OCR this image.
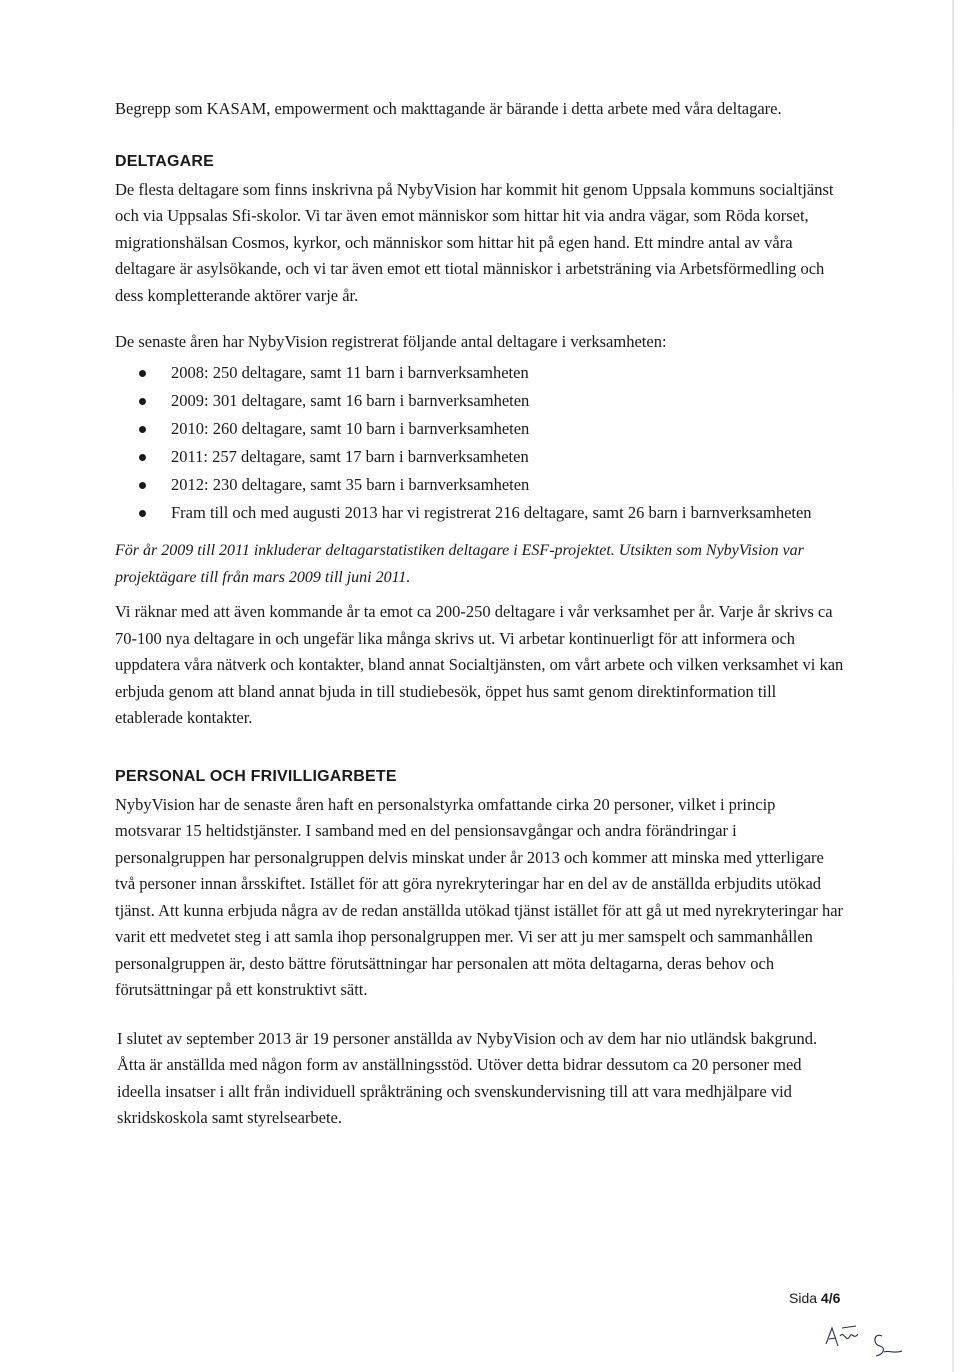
Begrepp som KASAM, empowerment och makttagande är bärande i detta arbete med våra deltagare.

DELTAGARE

De flesta deltagare som finns inskrivna på NybyVision har kommit hit genom Uppsala kommuns socialtjänst och via Uppsalas Sfi-skolor. Vi tar även emot människor som hittar hit via andra vägar, som Röda korset, migrationshälsan Cosmos, kyrkor, och människor som hittar hit på egen hand. Ett mindre antal av våra deltagare är asylsökande, och vi tar även emot ett tiotal människor i arbetsträning via Arbetsförmedling och dess kompletterande aktörer varje år.

De senaste åren har NybyVision registrerat följande antal deltagare i verksamheten:

2008: 250 deltagare, samt 11 barn i barnverksamheten
2009: 301 deltagare, samt 16 barn i barnverksamheten
2010: 260 deltagare, samt 10 barn i barnverksamheten
2011: 257 deltagare, samt 17 barn i barnverksamheten
2012: 230 deltagare, samt 35 barn i barnverksamheten
Fram till och med augusti 2013 har vi registrerat 216 deltagare, samt 26 barn i barnverksamheten

För år 2009 till 2011 inkluderar deltagarstatistiken deltagare i ESF-projektet. Utsikten som NybyVision var projektägare till från mars 2009 till juni 2011.

Vi räknar med att även kommande år ta emot ca 200-250 deltagare i vår verksamhet per år. Varje år skrivs ca 70-100 nya deltagare in och ungefär lika många skrivs ut. Vi arbetar kontinuerligt för att informera och uppdatera våra nätverk och kontakter, bland annat Socialtjänsten, om vårt arbete och vilken verksamhet vi kan erbjuda genom att bland annat bjuda in till studiebesök, öppet hus samt genom direktinformation till etablerade kontakter.

PERSONAL OCH FRIVILLIGARBETE

NybyVision har de senaste åren haft en personalstyrka omfattande cirka 20 personer, vilket i princip motsvarar 15 heltidstjänster. I samband med en del pensionsavgångar och andra förändringar i personalgruppen har personalgruppen delvis minskat under år 2013 och kommer att minska med ytterligare två personer innan årsskiftet. Istället för att göra nyrekryteringar har en del av de anställda erbjudits utökad tjänst. Att kunna erbjuda några av de redan anställda utökad tjänst istället för att gå ut med nyrekryteringar har varit ett medvetet steg i att samla ihop personalgruppen mer. Vi ser att ju mer samspelt och sammanhållen personalgruppen är, desto bättre förutsättningar har personalen att möta deltagarna, deras behov och förutsättningar på ett konstruktivt sätt.

I slutet av september 2013 är 19 personer anställda av NybyVision och av dem har nio utländsk bakgrund. Åtta är anställda med någon form av anställningsstöd. Utöver detta bidrar dessutom ca 20 personer med ideella insatser i allt från individuell språkträning och svenskundervisning till att vara medhjälpare vid skridskoskola samt styrelsearbete.

Sida 4/6
